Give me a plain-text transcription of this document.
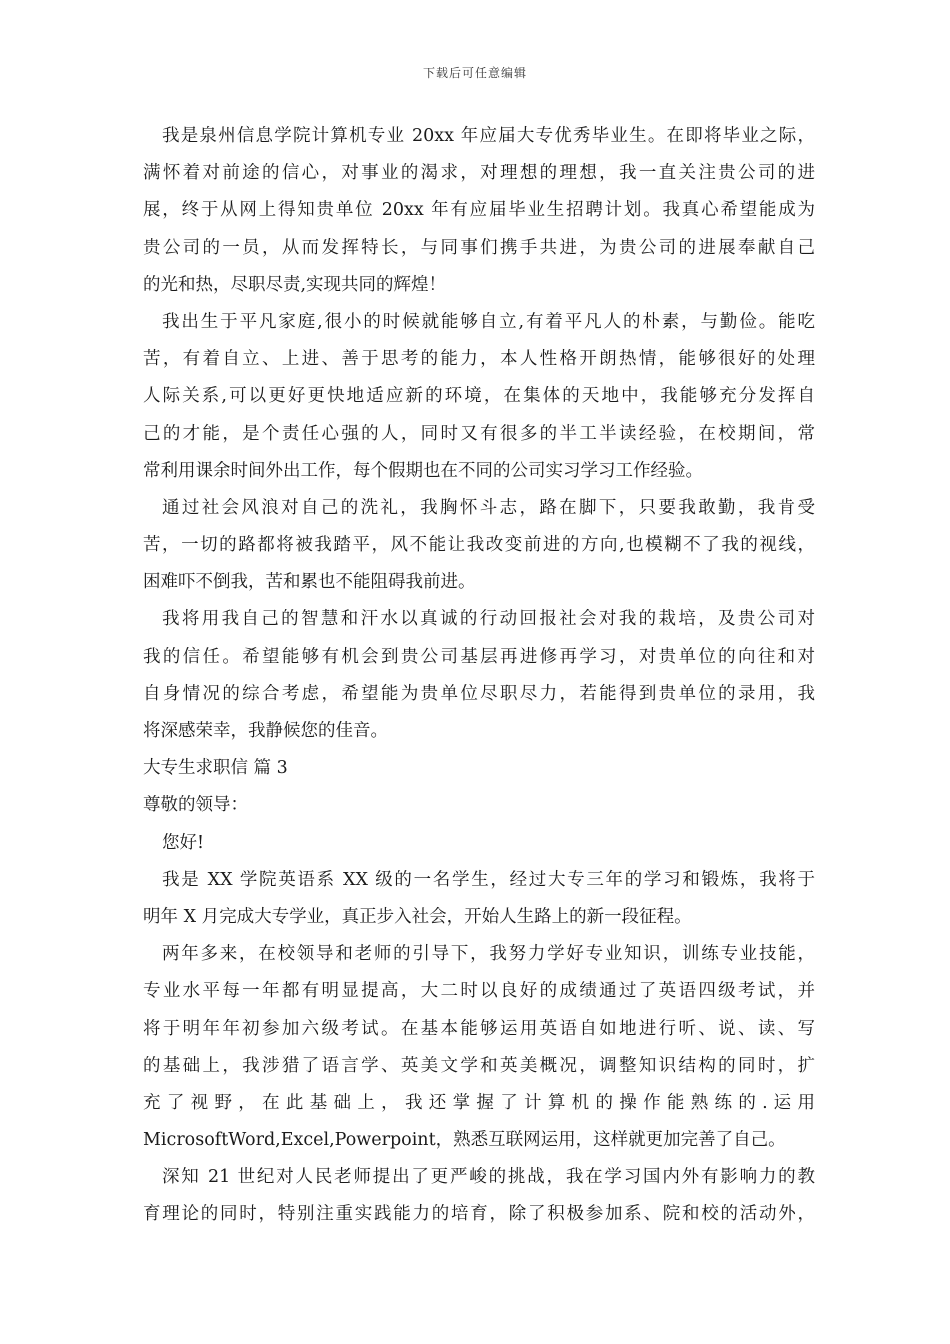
下载后可任意编辑
我是泉州信息学院计算机专业 20xx 年应届大专优秀毕业生。在即将毕业之际，
满怀着对前途的信心，对事业的渴求，对理想的理想，我一直关注贵公司的进
展，终于从网上得知贵单位 20xx 年有应届毕业生招聘计划。我真心希望能成为
贵公司的一员，从而发挥特长，与同事们携手共进，为贵公司的进展奉献自己
的光和热，尽职尽责,实现共同的辉煌！
我出生于平凡家庭,很小的时候就能够自立,有着平凡人的朴素，与勤俭。能吃
苦，有着自立、上进、善于思考的能力，本人性格开朗热情，能够很好的处理
人际关系,可以更好更快地适应新的环境，在集体的天地中，我能够充分发挥自
己的才能，是个责任心强的人，同时又有很多的半工半读经验，在校期间，常
常利用课余时间外出工作，每个假期也在不同的公司实习学习工作经验。
通过社会风浪对自己的洗礼，我胸怀斗志，路在脚下，只要我敢勤，我肯受
苦，一切的路都将被我踏平，风不能让我改变前进的方向,也模糊不了我的视线，
困难吓不倒我，苦和累也不能阻碍我前进。
我将用我自己的智慧和汗水以真诚的行动回报社会对我的栽培，及贵公司对
我的信任。希望能够有机会到贵公司基层再进修再学习，对贵单位的向往和对
自身情况的综合考虑，希望能为贵单位尽职尽力，若能得到贵单位的录用，我
将深感荣幸，我静候您的佳音。
大专生求职信 篇 3
尊敬的领导：
您好!
我是 XX 学院英语系 XX 级的一名学生，经过大专三年的学习和锻炼，我将于
明年 X 月完成大专学业，真正步入社会，开始人生路上的新一段征程。
两年多来，在校领导和老师的引导下，我努力学好专业知识，训练专业技能，
专业水平每一年都有明显提高，大二时以良好的成绩通过了英语四级考试，并
将于明年年初参加六级考试。在基本能够运用英语自如地进行听、说、读、写
的基础上，我涉猎了语言学、英美文学和英美概况，调整知识结构的同时，扩
充 了 视 野 ， 在 此 基 础 上 ， 我 还 掌 握 了 计 算 机 的 操 作 能 熟 练 的 . 运 用
MicrosoftWord,Excel,Powerpoint，熟悉互联网运用，这样就更加完善了自己。
深知 21 世纪对人民老师提出了更严峻的挑战，我在学习国内外有影响力的教
育理论的同时，特别注重实践能力的培育，除了积极参加系、院和校的活动外，
